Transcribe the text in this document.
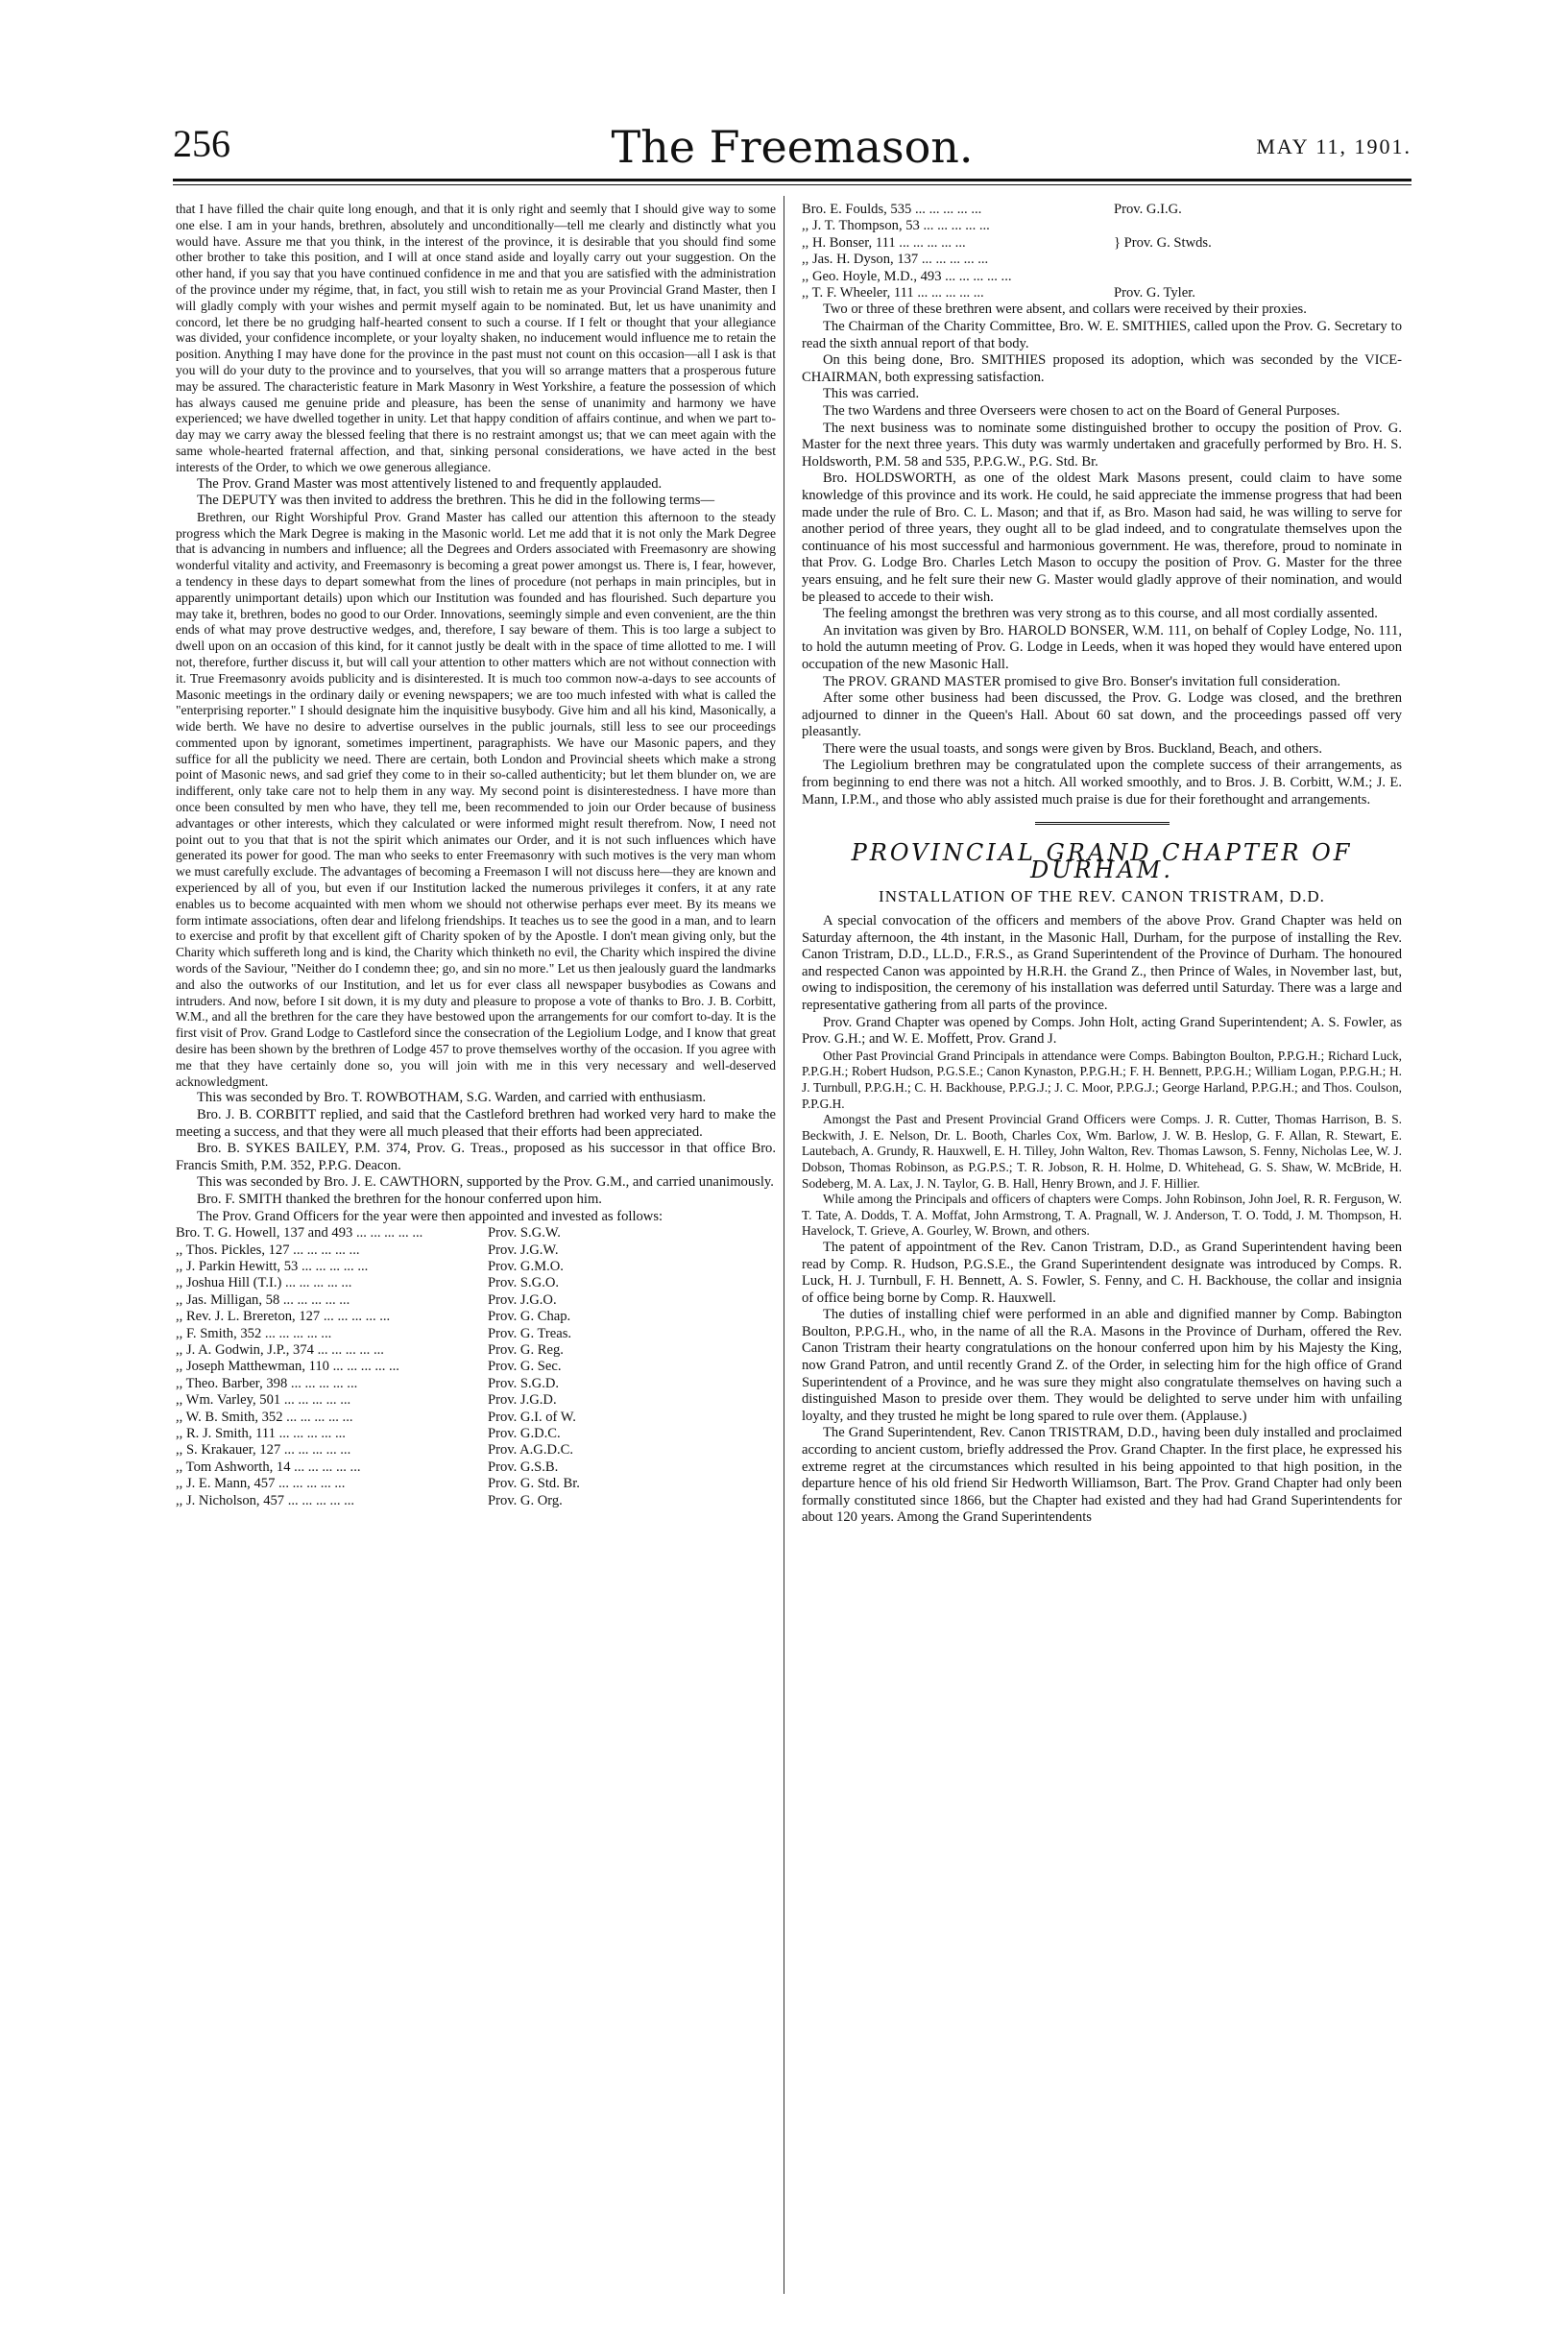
256	The Freemason.	MAY 11, 1901.

that I have filled the chair quite long enough, and that it is only right and seemly that I should give way to some one else. I am in your hands, brethren, absolutely and unconditionally—tell me clearly and distinctly what you would have. Assure me that you think, in the interest of the province, it is desirable that you should find some other brother to take this position, and I will at once stand aside and loyally carry out your suggestion. On the other hand, if you say that you have continued confidence in me and that you are satisfied with the administration of the province under my régime, that, in fact, you still wish to retain me as your Provincial Grand Master, then I will gladly comply with your wishes and permit myself again to be nominated. But, let us have unanimity and concord, let there be no grudging half-hearted consent to such a course. If I felt or thought that your allegiance was divided, your confidence incomplete, or your loyalty shaken, no inducement would influence me to retain the position. Anything I may have done for the province in the past must not count on this occasion—all I ask is that you will do your duty to the province and to yourselves, that you will so arrange matters that a prosperous future may be assured. The characteristic feature in Mark Masonry in West Yorkshire, a feature the possession of which has always caused me genuine pride and pleasure, has been the sense of unanimity and harmony we have experienced; we have dwelled together in unity. Let that happy condition of affairs continue, and when we part to-day may we carry away the blessed feeling that there is no restraint amongst us; that we can meet again with the same whole-hearted fraternal affection, and that, sinking personal considerations, we have acted in the best interests of the Order, to which we owe generous allegiance.

The Prov. Grand Master was most attentively listened to and frequently applauded.

The DEPUTY was then invited to address the brethren. This he did in the following terms—

Brethren, our Right Worshipful Prov. Grand Master has called our attention this afternoon to the steady progress which the Mark Degree is making in the Masonic world. Let me add that it is not only the Mark Degree that is advancing in numbers and influence; all the Degrees and Orders associated with Freemasonry are showing wonderful vitality and activity, and Freemasonry is becoming a great power amongst us. There is, I fear, however, a tendency in these days to depart somewhat from the lines of procedure (not perhaps in main principles, but in apparently unimportant details) upon which our Institution was founded and has flourished. Such departure you may take it, brethren, bodes no good to our Order. Innovations, seemingly simple and even convenient, are the thin ends of what may prove destructive wedges, and, therefore, I say beware of them. This is too large a subject to dwell upon on an occasion of this kind, for it cannot justly be dealt with in the space of time allotted to me. I will not, therefore, further discuss it, but will call your attention to other matters which are not without connection with it. True Freemasonry avoids publicity and is disinterested. It is much too common now-a-days to see accounts of Masonic meetings in the ordinary daily or evening newspapers; we are too much infested with what is called the "enterprising reporter." I should designate him the inquisitive busybody. Give him and all his kind, Masonically, a wide berth. We have no desire to advertise ourselves in the public journals, still less to see our proceedings commented upon by ignorant, sometimes impertinent, paragraphists. We have our Masonic papers, and they suffice for all the publicity we need. There are certain, both London and Provincial sheets which make a strong point of Masonic news, and sad grief they come to in their so-called authenticity; but let them blunder on, we are indifferent, only take care not to help them in any way. My second point is disinterestedness. I have more than once been consulted by men who have, they tell me, been recommended to join our Order because of business advantages or other interests, which they calculated or were informed might result therefrom. Now, I need not point out to you that that is not the spirit which animates our Order, and it is not such influences which have generated its power for good. The man who seeks to enter Freemasonry with such motives is the very man whom we must carefully exclude. The advantages of becoming a Freemason I will not discuss here—they are known and experienced by all of you, but even if our Institution lacked the numerous privileges it confers, it at any rate enables us to become acquainted with men whom we should not otherwise perhaps ever meet. By its means we form intimate associations, often dear and lifelong friendships. It teaches us to see the good in a man, and to learn to exercise and profit by that excellent gift of Charity spoken of by the Apostle. I don't mean giving only, but the Charity which suffereth long and is kind, the Charity which thinketh no evil, the Charity which inspired the divine words of the Saviour, "Neither do I condemn thee; go, and sin no more." Let us then jealously guard the landmarks and also the outworks of our Institution, and let us for ever class all newspaper busybodies as Cowans and intruders. And now, before I sit down, it is my duty and pleasure to propose a vote of thanks to Bro. J. B. Corbitt, W.M., and all the brethren for the care they have bestowed upon the arrangements for our comfort to-day. It is the first visit of Prov. Grand Lodge to Castleford since the consecration of the Legiolium Lodge, and I know that great desire has been shown by the brethren of Lodge 457 to prove themselves worthy of the occasion. If you agree with me that they have certainly done so, you will join with me in this very necessary and well-deserved acknowledgment.

This was seconded by Bro. T. ROWBOTHAM, S.G. Warden, and carried with enthusiasm.

Bro. J. B. CORBITT replied, and said that the Castleford brethren had worked very hard to make the meeting a success, and that they were all much pleased that their efforts had been appreciated.

Bro. B. SYKES BAILEY, P.M. 374, Prov. G. Treas., proposed as his successor in that office Bro. Francis Smith, P.M. 352, P.P.G. Deacon.

This was seconded by Bro. J. E. CAWTHORN, supported by the Prov. G.M., and carried unanimously.

Bro. F. SMITH thanked the brethren for the honour conferred upon him.

The Prov. Grand Officers for the year were then appointed and invested as follows:

Bro. T. G. Howell, 137 and 493 ...	Prov. S.G.W.
,, Thos. Pickles, 127 ...	Prov. J.G.W.
,, J. Parkin Hewitt, 53 ...	Prov. G.M.O.
,, Joshua Hill (T.I.) ...	Prov. S.G.O.
,, Jas. Milligan, 58 ...	Prov. J.G.O.
,, Rev. J. L. Brereton, 127 ...	Prov. G. Chap.
,, F. Smith, 352 ...	Prov. G. Treas.
,, J. A. Godwin, J.P., 374 ...	Prov. G. Reg.
,, Joseph Matthewman, 110 ...	Prov. G. Sec.
,, Theo. Barber, 398 ...	Prov. S.G.D.
,, Wm. Varley, 501 ...	Prov. J.G.D.
,, W. B. Smith, 352 ...	Prov. G.I. of W.
,, R. J. Smith, 111 ...	Prov. G.D.C.
,, S. Krakauer, 127 ...	Prov. A.G.D.C.
,, Tom Ashworth, 14 ...	Prov. G.S.B.
,, J. E. Mann, 457 ...	Prov. G. Std. Br.
,, J. Nicholson, 457 ...	Prov. G. Org.
Bro. E. Foulds, 535 ...	Prov. G.I.G.
,, J. T. Thompson, 53 ...
,, H. Bonser, 111 ...	} Prov. G. Stwds.
,, Jas. H. Dyson, 137 ...
,, Geo. Hoyle, M.D., 493 ...
,, T. F. Wheeler, 111 ...	Prov. G. Tyler.

Two or three of these brethren were absent, and collars were received by their proxies.

The Chairman of the Charity Committee, Bro. W. E. SMITHIES, called upon the Prov. G. Secretary to read the sixth annual report of that body.

On this being done, Bro. SMITHIES proposed its adoption, which was seconded by the VICE-CHAIRMAN, both expressing satisfaction.

This was carried.

The two Wardens and three Overseers were chosen to act on the Board of General Purposes.

The next business was to nominate some distinguished brother to occupy the position of Prov. G. Master for the next three years. This duty was warmly undertaken and gracefully performed by Bro. H. S. Holdsworth, P.M. 58 and 535, P.P.G.W., P.G. Std. Br.

Bro. HOLDSWORTH, as one of the oldest Mark Masons present, could claim to have some knowledge of this province and its work. He could, he said appreciate the immense progress that had been made under the rule of Bro. C. L. Mason; and that if, as Bro. Mason had said, he was willing to serve for another period of three years, they ought all to be glad indeed, and to congratulate themselves upon the continuance of his most successful and harmonious government. He was, therefore, proud to nominate in that Prov. G. Lodge Bro. Charles Letch Mason to occupy the position of Prov. G. Master for the three years ensuing, and he felt sure their new G. Master would gladly approve of their nomination, and would be pleased to accede to their wish.

The feeling amongst the brethren was very strong as to this course, and all most cordially assented.

An invitation was given by Bro. HAROLD BONSER, W.M. 111, on behalf of Copley Lodge, No. 111, to hold the autumn meeting of Prov. G. Lodge in Leeds, when it was hoped they would have entered upon occupation of the new Masonic Hall.

The PROV. GRAND MASTER promised to give Bro. Bonser's invitation full consideration.

After some other business had been discussed, the Prov. G. Lodge was closed, and the brethren adjourned to dinner in the Queen's Hall. About 60 sat down, and the proceedings passed off very pleasantly.

There were the usual toasts, and songs were given by Bros. Buckland, Beach, and others.

The Legiolium brethren may be congratulated upon the complete success of their arrangements, as from beginning to end there was not a hitch. All worked smoothly, and to Bros. J. B. Corbitt, W.M.; J. E. Mann, I.P.M., and those who ably assisted much praise is due for their forethought and arrangements.

PROVINCIAL GRAND CHAPTER OF DURHAM.
INSTALLATION OF THE REV. CANON TRISTRAM, D.D.

A special convocation of the officers and members of the above Prov. Grand Chapter was held on Saturday afternoon, the 4th instant, in the Masonic Hall, Durham, for the purpose of installing the Rev. Canon Tristram, D.D., LL.D., F.R.S., as Grand Superintendent of the Province of Durham. The honoured and respected Canon was appointed by H.R.H. the Grand Z., then Prince of Wales, in November last, but, owing to indisposition, the ceremony of his installation was deferred until Saturday. There was a large and representative gathering from all parts of the province.

Prov. Grand Chapter was opened by Comps. John Holt, acting Grand Superintendent; A. S. Fowler, as Prov. G.H.; and W. E. Moffett, Prov. Grand J.

Other Past Provincial Grand Principals in attendance were Comps. Babington Boulton, P.P.G.H.; Richard Luck, P.P.G.H.; Robert Hudson, P.G.S.E.; Canon Kynaston, P.P.G.H.; F. H. Bennett, P.P.G.H.; William Logan, P.P.G.H.; H. J. Turnbull, P.P.G.H.; C. H. Backhouse, P.P.G.J.; J. C. Moor, P.P.G.J.; George Harland, P.P.G.H.; and Thos. Coulson, P.P.G.H.

Amongst the Past and Present Provincial Grand Officers were Comps. J. R. Cutter, Thomas Harrison, B. S. Beckwith, J. E. Nelson, Dr. L. Booth, Charles Cox, Wm. Barlow, J. W. B. Heslop, G. F. Allan, R. Stewart, E. Lautebach, A. Grundy, R. Hauxwell, E. H. Tilley, John Walton, Rev. Thomas Lawson, S. Fenny, Nicholas Lee, W. J. Dobson, Thomas Robinson, as P.G.P.S.; T. R. Jobson, R. H. Holme, D. Whitehead, G. S. Shaw, W. McBride, H. Sodeberg, M. A. Lax, J. N. Taylor, G. B. Hall, Henry Brown, and J. F. Hillier.

While among the Principals and officers of chapters were Comps. John Robinson, John Joel, R. R. Ferguson, W. T. Tate, A. Dodds, T. A. Moffat, John Armstrong, T. A. Pragnall, W. J. Anderson, T. O. Todd, J. M. Thompson, H. Havelock, T. Grieve, A. Gourley, W. Brown, and others.

The patent of appointment of the Rev. Canon Tristram, D.D., as Grand Superintendent having been read by Comp. R. Hudson, P.G.S.E., the Grand Superintendent designate was introduced by Comps. R. Luck, H. J. Turnbull, F. H. Bennett, A. S. Fowler, S. Fenny, and C. H. Backhouse, the collar and insignia of office being borne by Comp. R. Hauxwell.

The duties of installing chief were performed in an able and dignified manner by Comp. Babington Boulton, P.P.G.H., who, in the name of all the R.A. Masons in the Province of Durham, offered the Rev. Canon Tristram their hearty congratulations on the honour conferred upon him by his Majesty the King, now Grand Patron, and until recently Grand Z. of the Order, in selecting him for the high office of Grand Superintendent of a Province, and he was sure they might also congratulate themselves on having such a distinguished Mason to preside over them. They would be delighted to serve under him with unfailing loyalty, and they trusted he might be long spared to rule over them. (Applause.)

The Grand Superintendent, Rev. Canon TRISTRAM, D.D., having been duly installed and proclaimed according to ancient custom, briefly addressed the Prov. Grand Chapter. In the first place, he expressed his extreme regret at the circumstances which resulted in his being appointed to that high position, in the departure hence of his old friend Sir Hedworth Williamson, Bart. The Prov. Grand Chapter had only been formally constituted since 1866, but the Chapter had existed and they had had Grand Superintendents for about 120 years. Among the Grand Superintendents
